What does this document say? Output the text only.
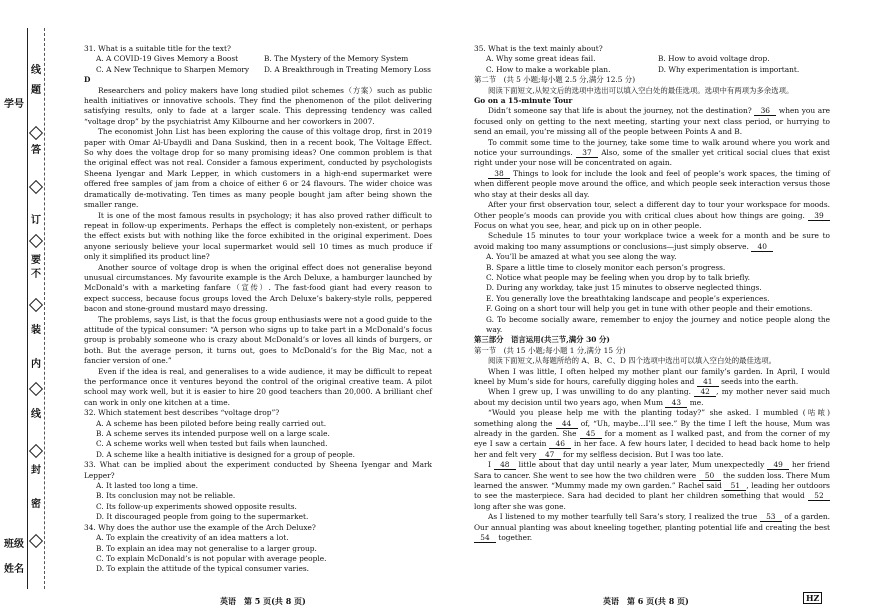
线
题
答
订
要
不
装
内
线
封
密
学号
班级
姓名

31. What is a suitable title for the text?

A. A COVID-19 Gives Memory a Boost	B. The Mystery of the Memory System
C. A New Technique to Sharpen Memory	D. A Breakthrough in Treating Memory Loss

D

Researchers and policy makers have long studied pilot schemes（方案）such as public health initiatives or innovative schools. They find the phenomenon of the pilot delivering satisfying results, only to fade at a larger scale. This depressing tendency was called “voltage drop” by the psychiatrist Amy Kilbourne and her coworkers in 2007.

The economist John List has been exploring the cause of this voltage drop, first in 2019 paper with Omar Al-Ubaydli and Dana Suskind, then in a recent book, The Voltage Effect. So why does the voltage drop for so many promising ideas? One common problem is that the original effect was not real. Consider a famous experiment, conducted by psychologists Sheena Iyengar and Mark Lepper, in which customers in a high-end supermarket were offered free samples of jam from a choice of either 6 or 24 flavours. The wider choice was dramatically de-motivating. Ten times as many people bought jam after being shown the smaller range.

It is one of the most famous results in psychology; it has also proved rather difficult to repeat in follow-up experiments. Perhaps the effect is completely non-existent, or perhaps the effect exists but with nothing like the force exhibited in the original experiment. Does anyone seriously believe your local supermarket would sell 10 times as much produce if only it simplified its product line?

Another source of voltage drop is when the original effect does not generalise beyond unusual circumstances. My favourite example is the Arch Deluxe, a hamburger launched by McDonald’s with a marketing fanfare（宣传）. The fast-food giant had every reason to expect success, because focus groups loved the Arch Deluxe’s bakery-style rolls, peppered bacon and stone-ground mustard mayo dressing.

The problems, says List, is that the focus group enthusiasts were not a good guide to the attitude of the typical consumer: “A person who signs up to take part in a McDonald’s focus group is probably someone who is crazy about McDonald’s or loves all kinds of burgers, or both. But the average person, it turns out, goes to McDonald’s for the Big Mac, not a fancier version of one.”

Even if the idea is real, and generalises to a wide audience, it may be difficult to repeat the performance once it ventures beyond the control of the original creative team. A pilot school may work well, but it is easier to hire 20 good teachers than 20,000. A brilliant chef can work in only one kitchen at a time.

32. Which statement best describes “voltage drop”?

A. A scheme has been piloted before being really carried out.

B. A scheme serves its intended purpose well on a large scale.

C. A scheme works well when tested but fails when launched.

D. A scheme like a health initiative is designed for a group of people.

33. What can be implied about the experiment conducted by Sheena Iyengar and Mark Lepper?

A. It lasted too long a time.

B. Its conclusion may not be reliable.

C. Its follow-up experiments showed opposite results.

D. It discouraged people from going to the supermarket.

34. Why does the author use the example of the Arch Deluxe?

A. To explain the creativity of an idea matters a lot.

B. To explain an idea may not generalise to a larger group.

C. To explain McDonald’s is not popular with average people.

D. To explain the attitude of the typical consumer varies.

35. What is the text mainly about?

A. Why some great ideas fail.	B. How to avoid voltage drop.
C. How to make a workable plan.	D. Why experimentation is important.

第二节　(共 5 小题;每小题 2.5 分,满分 12.5 分)

阅读下面短文,从短文后的选项中选出可以填入空白处的最佳选项。选项中有两项为多余选项。

Go on a 15-minute Tour

Didn’t someone say that life is about the journey, not the destination? 36 when you are focused only on getting to the next meeting, starting your next class period, or hurrying to send an email, you’re missing all of the people between Points A and B.

To commit some time to the journey, take some time to walk around where you work and notice your surroundings. 37 Also, some of the smaller yet critical social clues that exist right under your nose will be concentrated on again.

38 Things to look for include the look and feel of people’s work spaces, the timing of when different people move around the office, and which people seek interaction versus those who stay at their desks all day.

After your first observation tour, select a different day to tour your workspace for moods. Other people’s moods can provide you with critical clues about how things are going. 39 Focus on what you see, hear, and pick up on in other people.

Schedule 15 minutes to tour your workplace twice a week for a month and be sure to avoid making too many assumptions or conclusions—just simply observe. 40

A. You’ll be amazed at what you see along the way.

B. Spare a little time to closely monitor each person’s progress.

C. Notice what people may be feeling when you drop by to talk briefly.

D. During any workday, take just 15 minutes to observe neglected things.

E. You generally love the breathtaking landscape and people’s experiences.

F. Going on a short tour will help you get in tune with other people and their emotions.

G. To become socially aware, remember to enjoy the journey and notice people along the way.

第三部分　语言运用(共三节,满分 30 分)

第一节　(共 15 小题;每小题 1 分,满分 15 分)

阅读下面短文,从每题所给的 A、B、C、D 四个选项中选出可以填入空白处的最佳选项。

When I was little, I often helped my mother plant our family’s garden. In April, I would kneel by Mum’s side for hours, carefully digging holes and 41 seeds into the earth.

When I grew up, I was unwilling to do any planting. 42 , my mother never said much about my decision until two years ago, when Mum 43 me.

“Would you please help me with the planting today?” she asked. I mumbled (咕哝) something along the 44 of, “Uh, maybe…I’ll see.” By the time I left the house, Mum was already in the garden. She 45 for a moment as I walked past, and from the corner of my eye I saw a certain 46 in her face. A few hours later, I decided to head back home to help her and felt very 47 for my selfless decision. But I was too late.

I 48 little about that day until nearly a year later, Mum unexpectedly 49 her friend Sara to cancer. She went to see how the two children were 50 the sudden loss. There Mum learned the answer. “Mummy made my own garden.” Rachel said 51 , leading her outdoors to see the masterpiece. Sara had decided to plant her children something that would 52 long after she was gone.

As I listened to my mother tearfully tell Sara’s story, I realized the true 53 of a garden. Our annual planting was about kneeling together, planting potential life and creating the best 54 together.

英语　第 5 页(共 8 页)	英语　第 6 页(共 8 页)	HZ
